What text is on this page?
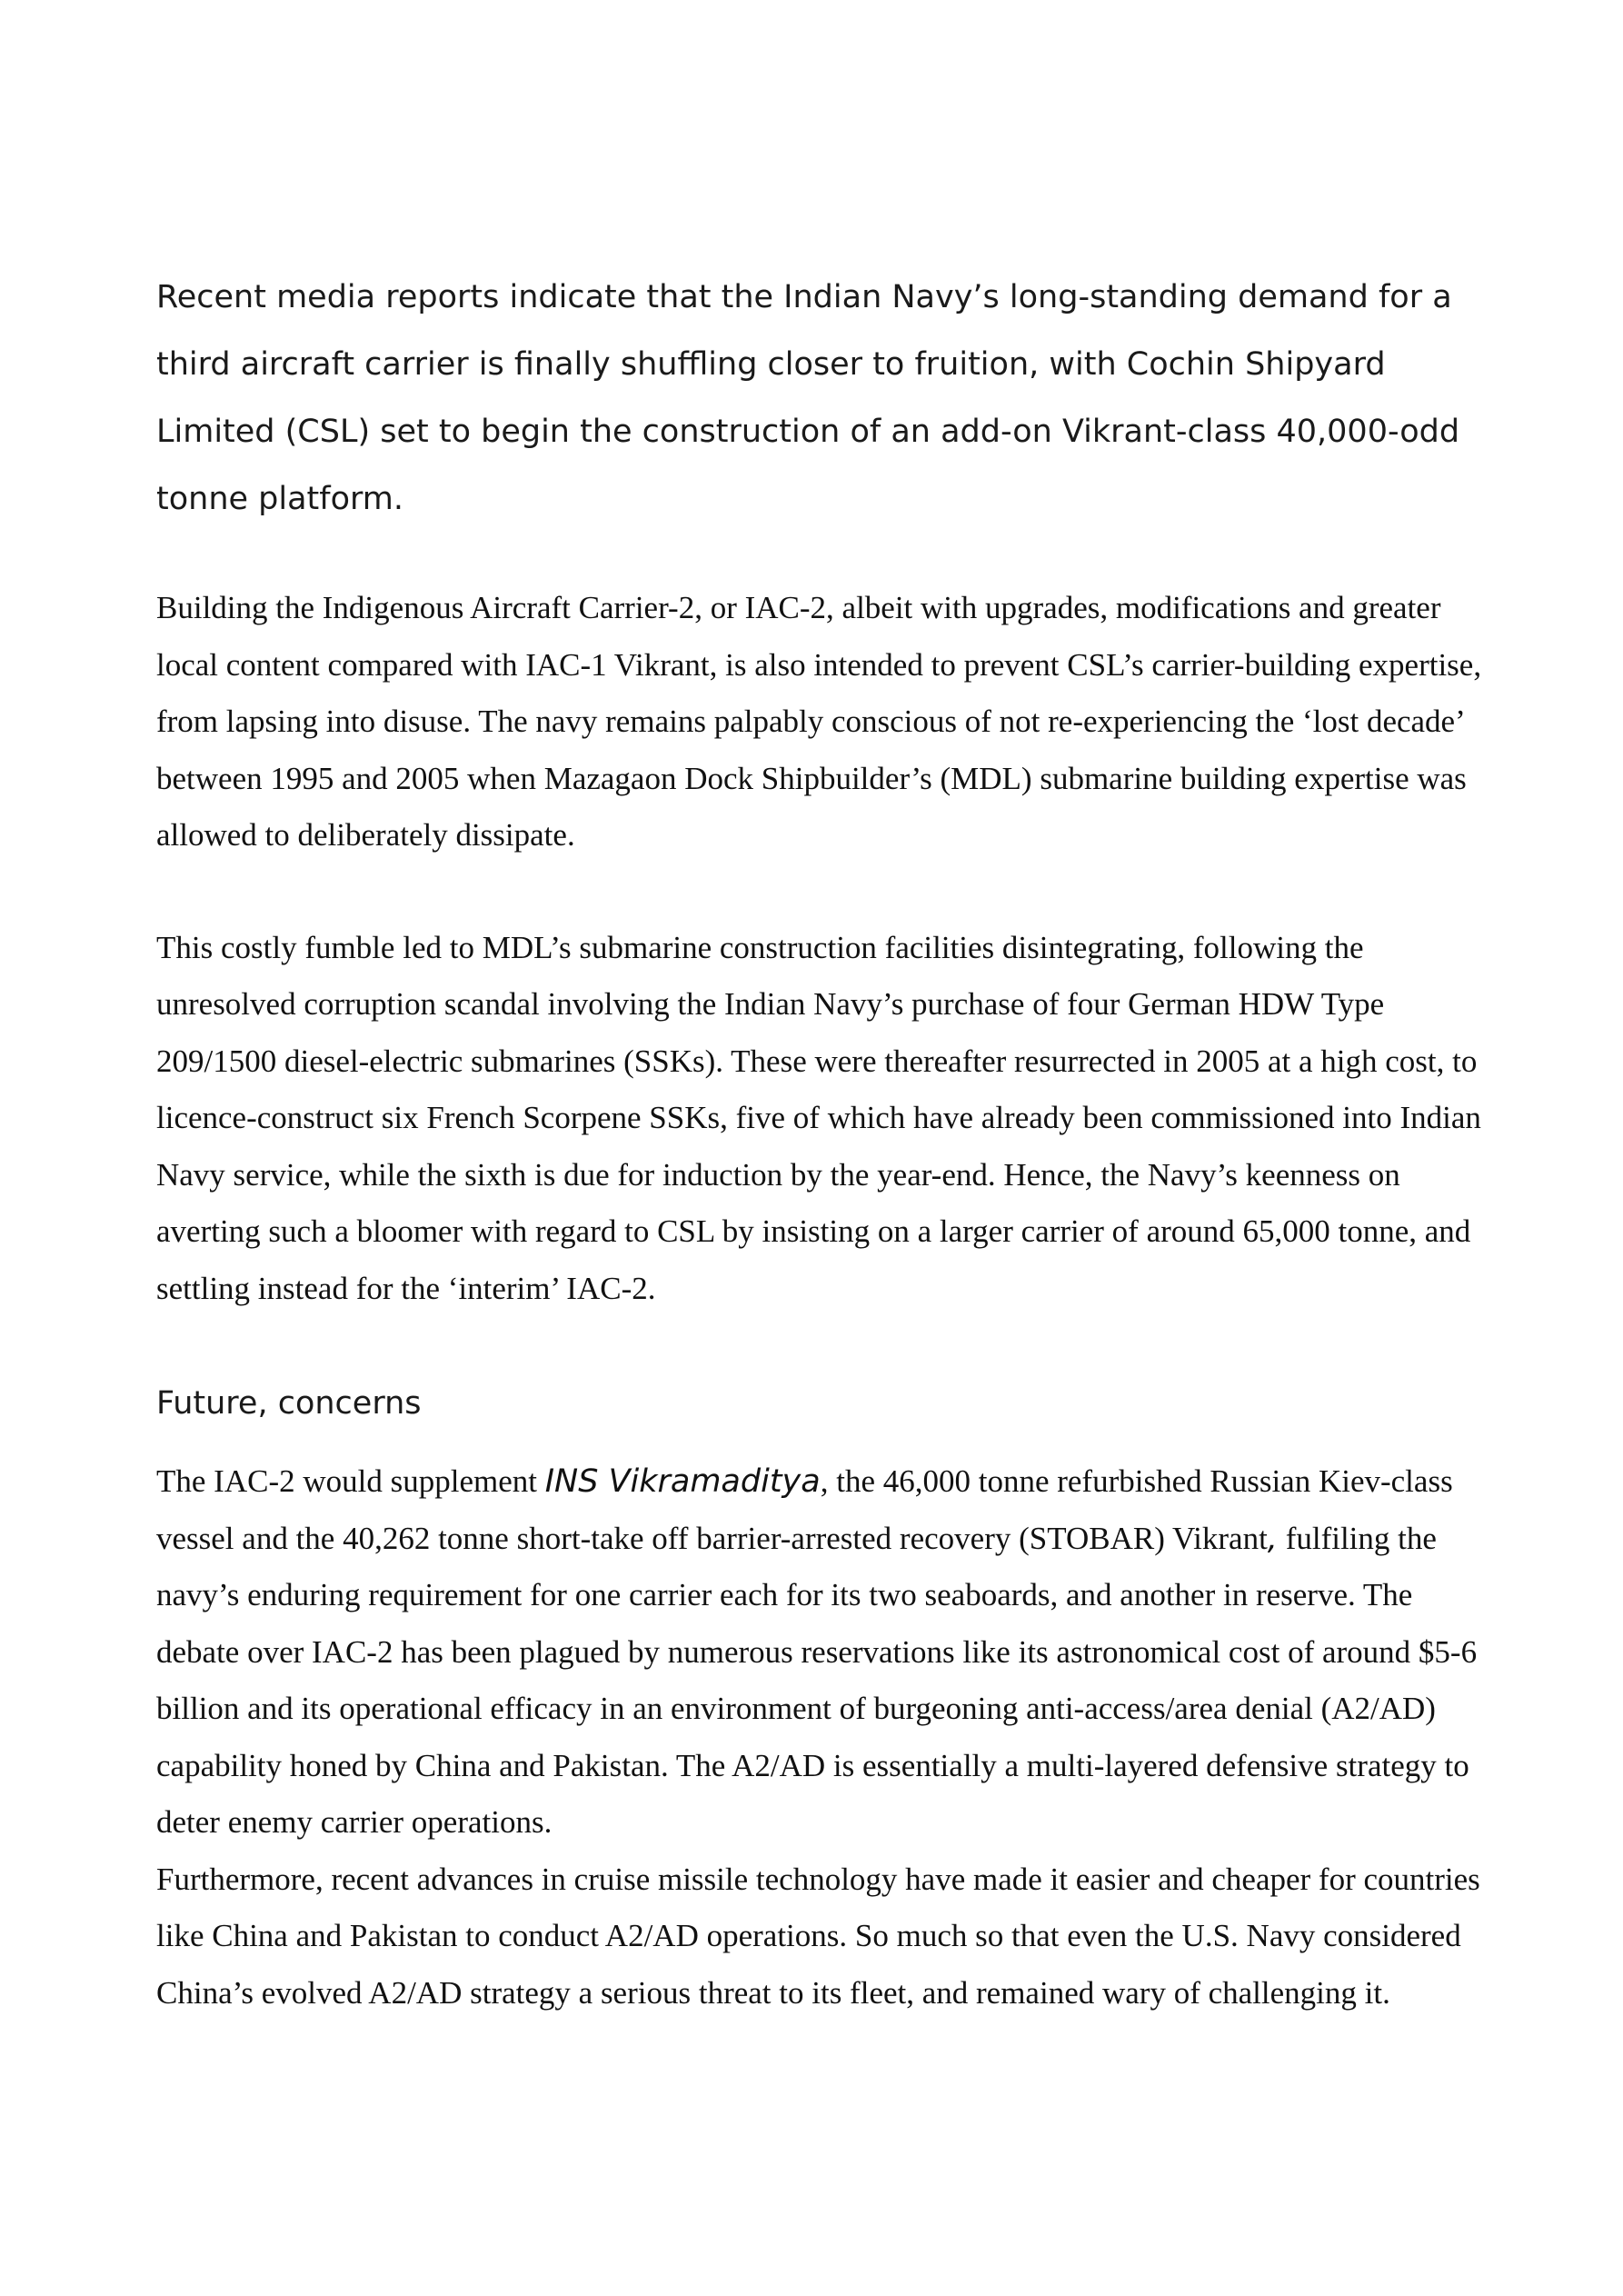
Recent media reports indicate that the Indian Navy’s long-standing demand for a third aircraft carrier is finally shuffling closer to fruition, with Cochin Shipyard Limited (CSL) set to begin the construction of an add-on Vikrant-class 40,000-odd tonne platform.

Building the Indigenous Aircraft Carrier-2, or IAC-2, albeit with upgrades, modifications and greater local content compared with IAC-1 Vikrant, is also intended to prevent CSL’s carrier-building expertise, from lapsing into disuse. The navy remains palpably conscious of not re-experiencing the ‘lost decade’ between 1995 and 2005 when Mazagaon Dock Shipbuilder’s (MDL) submarine building expertise was allowed to deliberately dissipate.

This costly fumble led to MDL’s submarine construction facilities disintegrating, following the unresolved corruption scandal involving the Indian Navy’s purchase of four German HDW Type 209/1500 diesel-electric submarines (SSKs). These were thereafter resurrected in 2005 at a high cost, to licence-construct six French Scorpene SSKs, five of which have already been commissioned into Indian Navy service, while the sixth is due for induction by the year-end. Hence, the Navy’s keenness on averting such a bloomer with regard to CSL by insisting on a larger carrier of around 65,000 tonne, and settling instead for the ‘interim’ IAC-2.

Future, concerns

The IAC-2 would supplement INS Vikramaditya, the 46,000 tonne refurbished Russian Kiev-class vessel and the 40,262 tonne short-take off barrier-arrested recovery (STOBAR) Vikrant, fulfiling the navy’s enduring requirement for one carrier each for its two seaboards, and another in reserve. The debate over IAC-2 has been plagued by numerous reservations like its astronomical cost of around $5-6 billion and its operational efficacy in an environment of burgeoning anti-access/area denial (A2/AD) capability honed by China and Pakistan. The A2/AD is essentially a multi-layered defensive strategy to deter enemy carrier operations.

Furthermore, recent advances in cruise missile technology have made it easier and cheaper for countries like China and Pakistan to conduct A2/AD operations. So much so that even the U.S. Navy considered China’s evolved A2/AD strategy a serious threat to its fleet, and remained wary of challenging it.
